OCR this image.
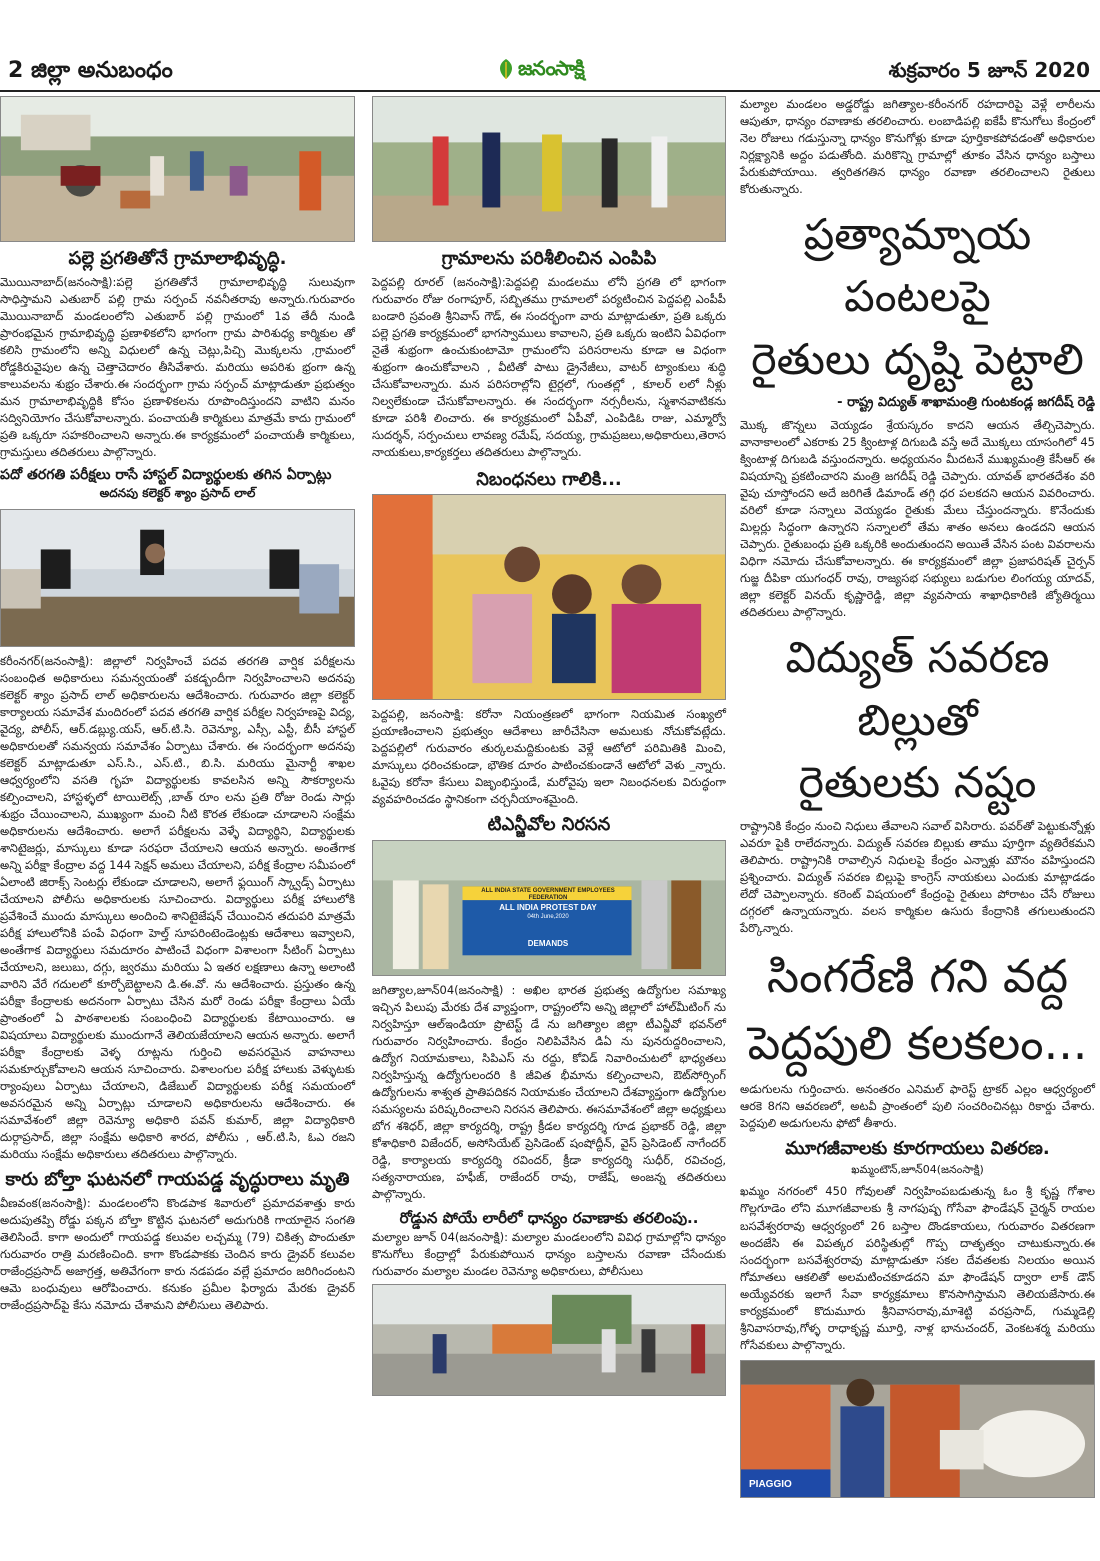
2 జిల్లా అనుబంధం	జనంసాక్షి	శుక్రవారం 5 జూన్ 2020
పల్లె ప్రగతితోనే గ్రామాలాభివృద్ధి.
మొయినాబాద్(జనంసాక్షి):పల్లె ప్రగతితోనే గ్రామాలాభివృద్ధి సులువుగా సాధిస్తామని ఎతుబార్ పల్లి గ్రామ సర్పంచ్ నవనీతరావు అన్నారు.గురువారం మొయినాబాద్ మండలంలోని ఎతుబార్ పల్లి గ్రామంలో 1వ తేదీ నుండి ప్రారంభమైన గ్రామాభివృద్ధి ప్రణాళికలోని భాగంగా గ్రామ పారిశుధ్య కార్మికుల తో కలిసి గ్రామంలోని అన్ని విధులలో ఉన్న చెట్లు,పిచ్చి మొక్కలను ,గ్రామంలో రోడ్డకిరువైపుల ఉన్న చెత్తాచెదారం తీసివేశారు. మరియు అపరిశు భ్రంగా ఉన్న కాలువలను శుభ్రం చేశారు.ఈ సందర్భంగా గ్రామ సర్పంచ్ మాట్లాడుతూ ప్రభుత్వం మన గ్రామాలాభివృద్ధికి కోసం ప్రణాళికలను రూపొందిస్తుందని వాటిని మనం సద్వినియోగం చేసుకోవాలన్నారు. పంచాయతీ కార్మికులు మాత్రమే కాదు గ్రామంలో ప్రతి ఒక్కరూ సహకరించాలని అన్నారు.ఈ కార్యక్రమంలో పంచాయతీ కార్మికులు, గ్రామస్తులు తదితరులు పాల్గొన్నారు.
పదో తరగతి పరీక్షలు రాసే హాస్టల్ విద్యార్థులకు తగిన ఏర్పాట్లు
అదనపు కలెక్టర్ శ్యాం ప్రసాద్ లాల్
కరీంనగర్(జనంసాక్షి): జిల్లాలో నిర్వహించే పదవ తరగతి వార్షిక పరీక్షలను సంబంధిత అధికారులు సమన్వయంతో పకడ్బందీగా నిర్వహించాలని అదనపు కలెక్టర్ శ్యాం ప్రసాద్ లాల్ అధికారులను ఆదేశించారు. గురువారం జిల్లా కలెక్టర్ కార్యాలయ సమావేశ మందిరంలో పదవ తరగతి వార్షిక పరీక్షల నిర్వహణపై విద్య, వైద్య, పోలీస్, ఆర్.డబ్ల్యు.యస్, ఆర్.టి.సి. రెవెన్యూ, ఎస్సీ, ఎస్టీ, బీసీ హాస్టల్ అధికారులతో సమన్వయ సమావేశం ఏర్పాటు చేశారు. ఈ సందర్భంగా అదనపు కలెక్టర్ మాట్లాడుతూ ఎస్.సి., ఎస్.టి., బి.సి. మరియు మైనార్టీ శాఖల ఆధ్వర్యంలోని వసతి గృహ విద్యార్థులకు కావలసిన అన్ని సౌకర్యాలను కల్పించాలని, హాస్టళ్ళలో టాయిలెట్స్ ,బాత్ రూం లను ప్రతి రోజు రెండు సార్లు శుభ్రం చేయించాలని, ముఖ్యంగా మంచి నీటి కొరత లేకుండా చూడాలని సంక్షేమ అధికారులను ఆదేశించారు. అలాగే పరీక్షలను వెళ్ళే విద్యార్థిని, విద్యార్థులకు శానిటైజర్లు, మాస్కులు కూడా సరఫరా చేయాలని ఆయన అన్నారు. అంతేగాక అన్ని పరీక్షా కేంద్రాల వద్ద 144 సెక్షన్ అమలు చేయాలని, పరీక్ష కేంద్రాల సమీపంలో ఏలాంటి జిరాక్స్ సెంటర్లు లేకుండా చూడాలని, అలాగే ఫ్లయింగ్ స్క్వాడ్స్ ఏర్పాటు చేయాలని పోలీసు అధికారులకు సూచించారు. విద్యార్థులు పరీక్ష హాలులోకి ప్రవేశించే ముందు మాస్కులు అందించి శానిటైజేషన్ చేయించిన తదుపరి మాత్రమే పరీక్ష హాలులోనికి పంపే విధంగా హెల్త్ సూపరింటెండెంట్లకు ఆదేశాలు ఇవ్వాలని, అంతేగాక విద్యార్థులు సమదూరం పాటించే విధంగా విశాలంగా సీటింగ్ ఏర్పాటు చేయాలని, జలుబు, దగ్గు, జ్వరము మరియు ఏ ఇతర లక్షణాలు ఉన్నా అలాంటి వారిని వేరే గదులలో కూర్చోబెట్టాలని డి.ఈ.వో. ను ఆదేశించారు. ప్రస్తుతం ఉన్న పరీక్షా కేంద్రాలకు అదనంగా ఏర్పాటు చేసిన మరో రెండు పరీక్షా కేంద్రాలు ఏయే ప్రాంతంలో ఏ పాఠశాలలకు సంబంధించి విద్యార్థులకు కేటాయించారు. ఆ విషయాలు విద్యార్థులకు ముందుగానే తెలియజేయాలని ఆయన అన్నారు. అలాగే పరీక్షా కేంద్రాలకు వెళ్ళ రూట్లను గుర్తించి అవసరమైన వాహనాలు సమకూర్చుకోవాలని ఆయన సూచించారు. విశాలంగుల పరీక్ష హాలుకు వెళ్ళుటకు ర్యాంపులు ఏర్పాటు చేయాలని, డిజేబుల్ విద్యార్థులకు పరీక్ష సమయంలో అవసరమైన అన్ని ఏర్పాట్లు చూడాలని అధికారులను ఆదేశించారు. ఈ సమావేశంలో జిల్లా రెవెన్యూ అధికారి పవన్ కుమార్, జిల్లా విద్యాధికారి దుర్గాప్రసాద్, జిల్లా సంక్షేమ అధికారి శారద, పోలీసు , ఆర్.టి.సి, ఓఎ రజని మరియు సంక్షేమ అధికారులు తదితరులు పాల్గొన్నారు.
కారు బోల్తా ఘటనలో గాయపడ్డ వృద్ధురాలు మృతి
వీణవంక(జనంసాక్షి): మండలంలోని కొండపాక శివారులో ప్రమాదవశాత్తు కారు అదుపుతప్పి రోడ్డు పక్కన బోల్తా కొట్టిన ఘటనలో అదుగురికి గాయాలైన సంగతి తెలిసిందే. కాగా అందులో గాయపడ్డ కలువల లచ్చమ్మ (79) చికిత్స పొందుతూ గురువారం రాత్రి మరణించింది. కాగా కొండపాకకు చెందిన కారు డ్రైవర్ కలువల రాజేంద్రప్రసాద్ అజాగ్రత్త, అతివేగంగా కారు నడపడం వల్లే ప్రమాదం జరిగిందంటని ఆమె బంధువులు ఆరోపించారు. కనుకం ప్రమీల ఫిర్యాదు మేరకు డ్రైవర్ రాజేంద్రప్రసాద్‌పై కేసు నమోదు చేశామని పోలీసులు తెలిపారు.
గ్రామాలను పరిశీలించిన ఎంపిపి
పెద్దపల్లి రూరల్ (జనంసాక్షి):పెద్దపల్లి మండలము లోనీ ప్రగతి లో భాగంగా గురువారం రోజు రంగాపూర్, సబ్బితము గ్రామాలలో పర్యటించిన పెద్దపల్లి ఎంపీపీ బండారి స్రవంతి శ్రీనివాస్ గౌడ్, ఈ సందర్భంగా వారు మాట్లాడుతూ, ప్రతి ఒక్కరు పల్లె ప్రగతి కార్యక్రమంలో భాగస్వాములు కావాలని, ప్రతి ఒక్కరు ఇంటిని ఏవిధంగా నైతే శుభ్రంగా ఉంచుకుంటామో గ్రామంలోని పరిసరాలను కూడా ఆ విధంగా శుభ్రంగా ఉంచుకోవాలని , వీటితో పాటు డ్రైనేజీలు, వాటర్ ట్యాంకులు శుద్ధి చేసుకోవాలన్నారు. మన పరిసరాల్లోని టైర్లలో, గుంతల్లో , కూలర్ లలో నీళ్లు నిల్వలేకుండా చేసుకోవాలన్నారు. ఈ సందర్భంగా నర్సరీలను, స్మశానవాటికను కూడా పరిశీ లించారు. ఈ కార్యక్రమంలో ఏపీవో, ఎంపిడిఓ రాజు, ఎమ్మార్వో సుదర్శన్, సర్పంచులు లావణ్య రమేష్, సదయ్య, గ్రామప్రజలు,అధికారులు,తెరాస నాయకులు,కార్యకర్తలు తదితరులు పాల్గొన్నారు.
నిబంధనలు గాలికి...
పెద్దపల్లి, జనంసాక్షి: కరోనా నియంత్రణలో భాగంగా నియమిత సంఖ్యలో ప్రయాణించాలని ప్రభుత్వం ఆదేశాలు జారీచేసినా అమలుకు నోచుకోవట్లేదు. పెద్దపల్లిలో గురువారం తుర్కలమద్దికుంటకు వెళ్లే ఆటోలో పరిమితికి మించి, మాస్కులు ధరించకుండా, భౌతిక దూరం పాటించకుండానే ఆటోలో వెళు _న్నారు. ఓవైపు కరోనా కేసులు విజృంభిస్తుండే, మరోవైపు ఇలా నిబంధనలకు విరుద్ధంగా వ్యవహరించడం స్థానికంగా చర్చనీయాంశమైంది.
టిఎన్జీవోల నిరసన
ALL INDIA STATE GOVERNMENT EMPLOYEES FEDERATION
ALL INDIA PROTEST DAY
04th June,2020
DEMANDS
జగిత్యాల,జూన్04(జనంసాక్షి) : అఖిల భారత ప్రభుత్వ ఉద్యోగుల సమాఖ్య ఇచ్చిన పిలుపు మేరకు దేశ వ్యాప్తంగా, రాష్ట్రంలోని అన్ని జిల్లాలో హాల్‌మీటింగ్ ను నిర్వహిస్తూ ఆల్ఇండియా ప్రొటెస్ట్ డే ను జగిత్యాల జిల్లా టీఎన్జీవో భవన్‌లో గురువారం నిర్వహించారు. కేంద్రం నిలిపివేసిన డిఏ ను పునరుద్దరించాలని, ఉద్యోగ నియామకాలు, సిపిఎస్ ను రద్దు, కోవిడ్ నివారించుటలో భాధ్యతలు నిర్వహిస్తున్న ఉద్యోగులందరి కి జీవిత భీమాను కల్పించాలని, ఔట్‌సోర్సింగ్ ఉద్యోగులను శాశ్వత ప్రాతిపదికన నియామకం చేయాలని దేశవ్యాప్తంగా ఉద్యోగుల సమస్యలను పరిష్కరించాలని నిరసన తెలిపారు. ఈసమావేశంలో జిల్లా అధ్యక్షులు బోగ శశిధర్, జిల్లా కార్యదర్శి, రాష్ట్ర క్రీడల కార్యదర్శి గూడ ప్రభాకర్ రెడ్డి, జిల్లా కోశాధికారి విజేందర్, అసోసియేట్ ప్రెసిడెంట్ షంషోద్దీన్, వైస్ ప్రెసిడెంట్ నాగేందర్ రెడ్డి, కార్యాలయ కార్యదర్శి రవిందర్, క్రీడా కార్యదర్శి సుధీర్, రవిచంద్ర, సత్యనారాయణ, హఫీజ్, రాజేందర్ రావు, రాజేష్, అంజన్న తదితరులు పాల్గొన్నారు.
రోడ్డున పోయే లారీలో ధాన్యం రవాణాకు తరలింపు..
మల్యాల జూన్ 04(జనంసాక్షి): మల్యాల మండలంలోని వివిధ గ్రామాల్లోని ధాన్యం కొనుగోలు కేంద్రాల్లో పేరుకుపోయిన ధాన్యం బస్తాలను రవాణా చేసేందుకు గురువారం మల్యాల మండల రెవెన్యూ అధికారులు, పోలీసులు
మల్యాల మండలం అడ్డరోడ్డు జగిత్యాల-కరీంనగర్ రహదారిపై వెళ్లే లారీలను ఆపుతూ, ధాన్యం రవాణాకు తరలించారు. లంబాడిపల్లి ఐకేపీ కొనుగోలు కేంద్రంలో నెల రోజులు గడుస్తున్నా ధాన్యం కొనుగోళ్లు కూడా పూర్తికాకపోవడంతో అధికారుల నిర్లక్ష్యానికి అద్దం పడుతోంది. మరికొన్ని గ్రామాల్లో తూకం వేసిన ధాన్యం బస్తాలు పేరుకుపోయాయి. త్వరితగతిన ధాన్యం రవాణా తరలించాలని రైతులు కోరుతున్నారు.
ప్రత్యామ్నాయ పంటలపై
రైతులు దృష్టి పెట్టాలి
- రాష్ట్ర విద్యుత్ శాఖామంత్రి గుంటకండ్ల జగదీష్ రెడ్డి
మొక్క జొన్నలు వెయ్యడం శ్రేయస్కరం కాదని ఆయన తేల్చిచెప్పారు. వానాకాలంలో ఎకరాకు 25 క్వింటాళ్ల దిగుబడి వస్తే అదే మొక్కలు యాసంగిలో 45 క్వింటాళ్ల దిగుబడి వస్తుందన్నారు. అధ్యయనం మీదటనే ముఖ్యమంత్రి కేసీఆర్ ఈ విషయాన్ని ప్రకటించారని మంత్రి జగదీష్ రెడ్డి చెప్పారు. యావత్ భారతదేశం వరి వైపు చూస్తోందని అదే జరిగితే డిమాండ్ తగ్గి ధర పలకదని ఆయన వివరించారు. వరిలో కూడా సన్నాలు వెయ్యడం రైతుకు మేలు చేస్తుందన్నారు. కొనేందుకు మిల్లర్లు సిద్ధంగా ఉన్నారని సన్నాలలో తేమ శాతం అనలు ఉండదని ఆయన చెప్పారు. రైతుబంధు ప్రతి ఒక్కరికి అందుతుందని అయితే వేసిన పంట వివరాలను విధిగా నమోదు చేసుకోవాలన్నారు. ఈ కార్యక్రమంలో జిల్లా ప్రజాపరిషత్ చైర్పన్ గుజ్జ దీపికా యుగంధర్ రావు, రాజ్యసభ సభ్యులు బడుగుల లింగయ్య యాదవ్, జిల్లా కలెక్టర్ వినయ్ కృష్ణారెడ్డి, జిల్లా వ్యవసాయ శాఖాధికారిణి జ్యోతిర్మయి తదితరులు పాల్గొన్నారు.
విద్యుత్ సవరణ బిల్లుతో
రైతులకు నష్టం
రాష్ట్రానికి కేంద్రం నుంచి నిధులు తేవాలని సవాల్ విసిరారు. పవర్‌తో పెట్టుకున్నోళ్లు ఎవరూ పైకి రాలేదన్నారు. విద్యుత్ సవరణ బిల్లుకు తాము పూర్తిగా వ్యతిరేకమని తెలిపారు. రాష్ట్రానికి రావాల్సిన నిధులపై కేంద్రం ఎన్నాళ్లు మౌనం వహిస్తుందని ప్రశ్నించారు. విద్యుత్ సవరణ బిల్లుపై కాంగ్రెస్ నాయకులు ఎందుకు మాట్లాడడం లేదో చెప్పాలన్నారు. కరెంట్ విషయంలో కేంద్రంపై రైతులు పోరాటం చేసే రోజులు దగ్గరలో ఉన్నాయన్నారు. వలస కార్మికుల ఉసురు కేంద్రానికి తగులుతుందని పేర్కొన్నారు.
సింగరేణి గని వద్ద
పెద్దపులి కలకలం...
అడుగులను గుర్తించారు. అనంతరం ఎనిమల్ ఫారెస్ట్ ట్రాకర్ ఎల్లం ఆధ్వర్యంలో ఆరకె 8గని ఆవరణలో, అటవీ ప్రాంతంలో పులి సంచరించినట్లు రికార్డు చేశారు. పెద్దపులి అడుగులను ఫోటో తీశారు.
మూగజీవాలకు కూరగాయలు వితరణ.
ఖమ్మంటౌన్,జూన్04(జనంసాక్షి)
ఖమ్మం నగరంలో 450 గోవులతో నిర్వహింపబడుతున్న ఓం శ్రీ కృష్ణ గోశాల గొల్లగూడెం లోని మూగజీవాలకు శ్రీ నాగపుష్ప గోసేవా ఫౌండేషన్ చైర్మన్ రాయల బసవేశ్వరరావు ఆధ్వర్యంలో 26 బస్తాల దొండకాయలు, గురువారం వితరణగా అందజేసి ఈ విపత్కర పరిస్థితుల్లో గొప్ప దాతృత్వం చాటుకున్నారు.ఈ సందర్భంగా బసవేశ్వరరావు మాట్లాడుతూ సకల దేవతలకు నిలయం అయిన గోమాతలు ఆకలితో అలమటించకూడదని మా ఫౌండేషన్ ద్వారా లాక్ డౌన్ అయ్యేవరకు ఇలాగే సేవా కార్యక్రమాలు కొనసాగిస్తామని తెలియజేసారు.ఈ కార్యక్రమంలో కొదుమూరు శ్రీనివాసరావు,మాశెట్టి వరప్రసాద్, గుమ్మడెల్లి శ్రీనివాసరావు,గోళ్ళ రాధాకృష్ణ మూర్తి, నాళ్ల భానుచందర్, వెంకటశర్మ మరియు గోసేవకులు పాల్గొన్నారు.
PIAGGIO
